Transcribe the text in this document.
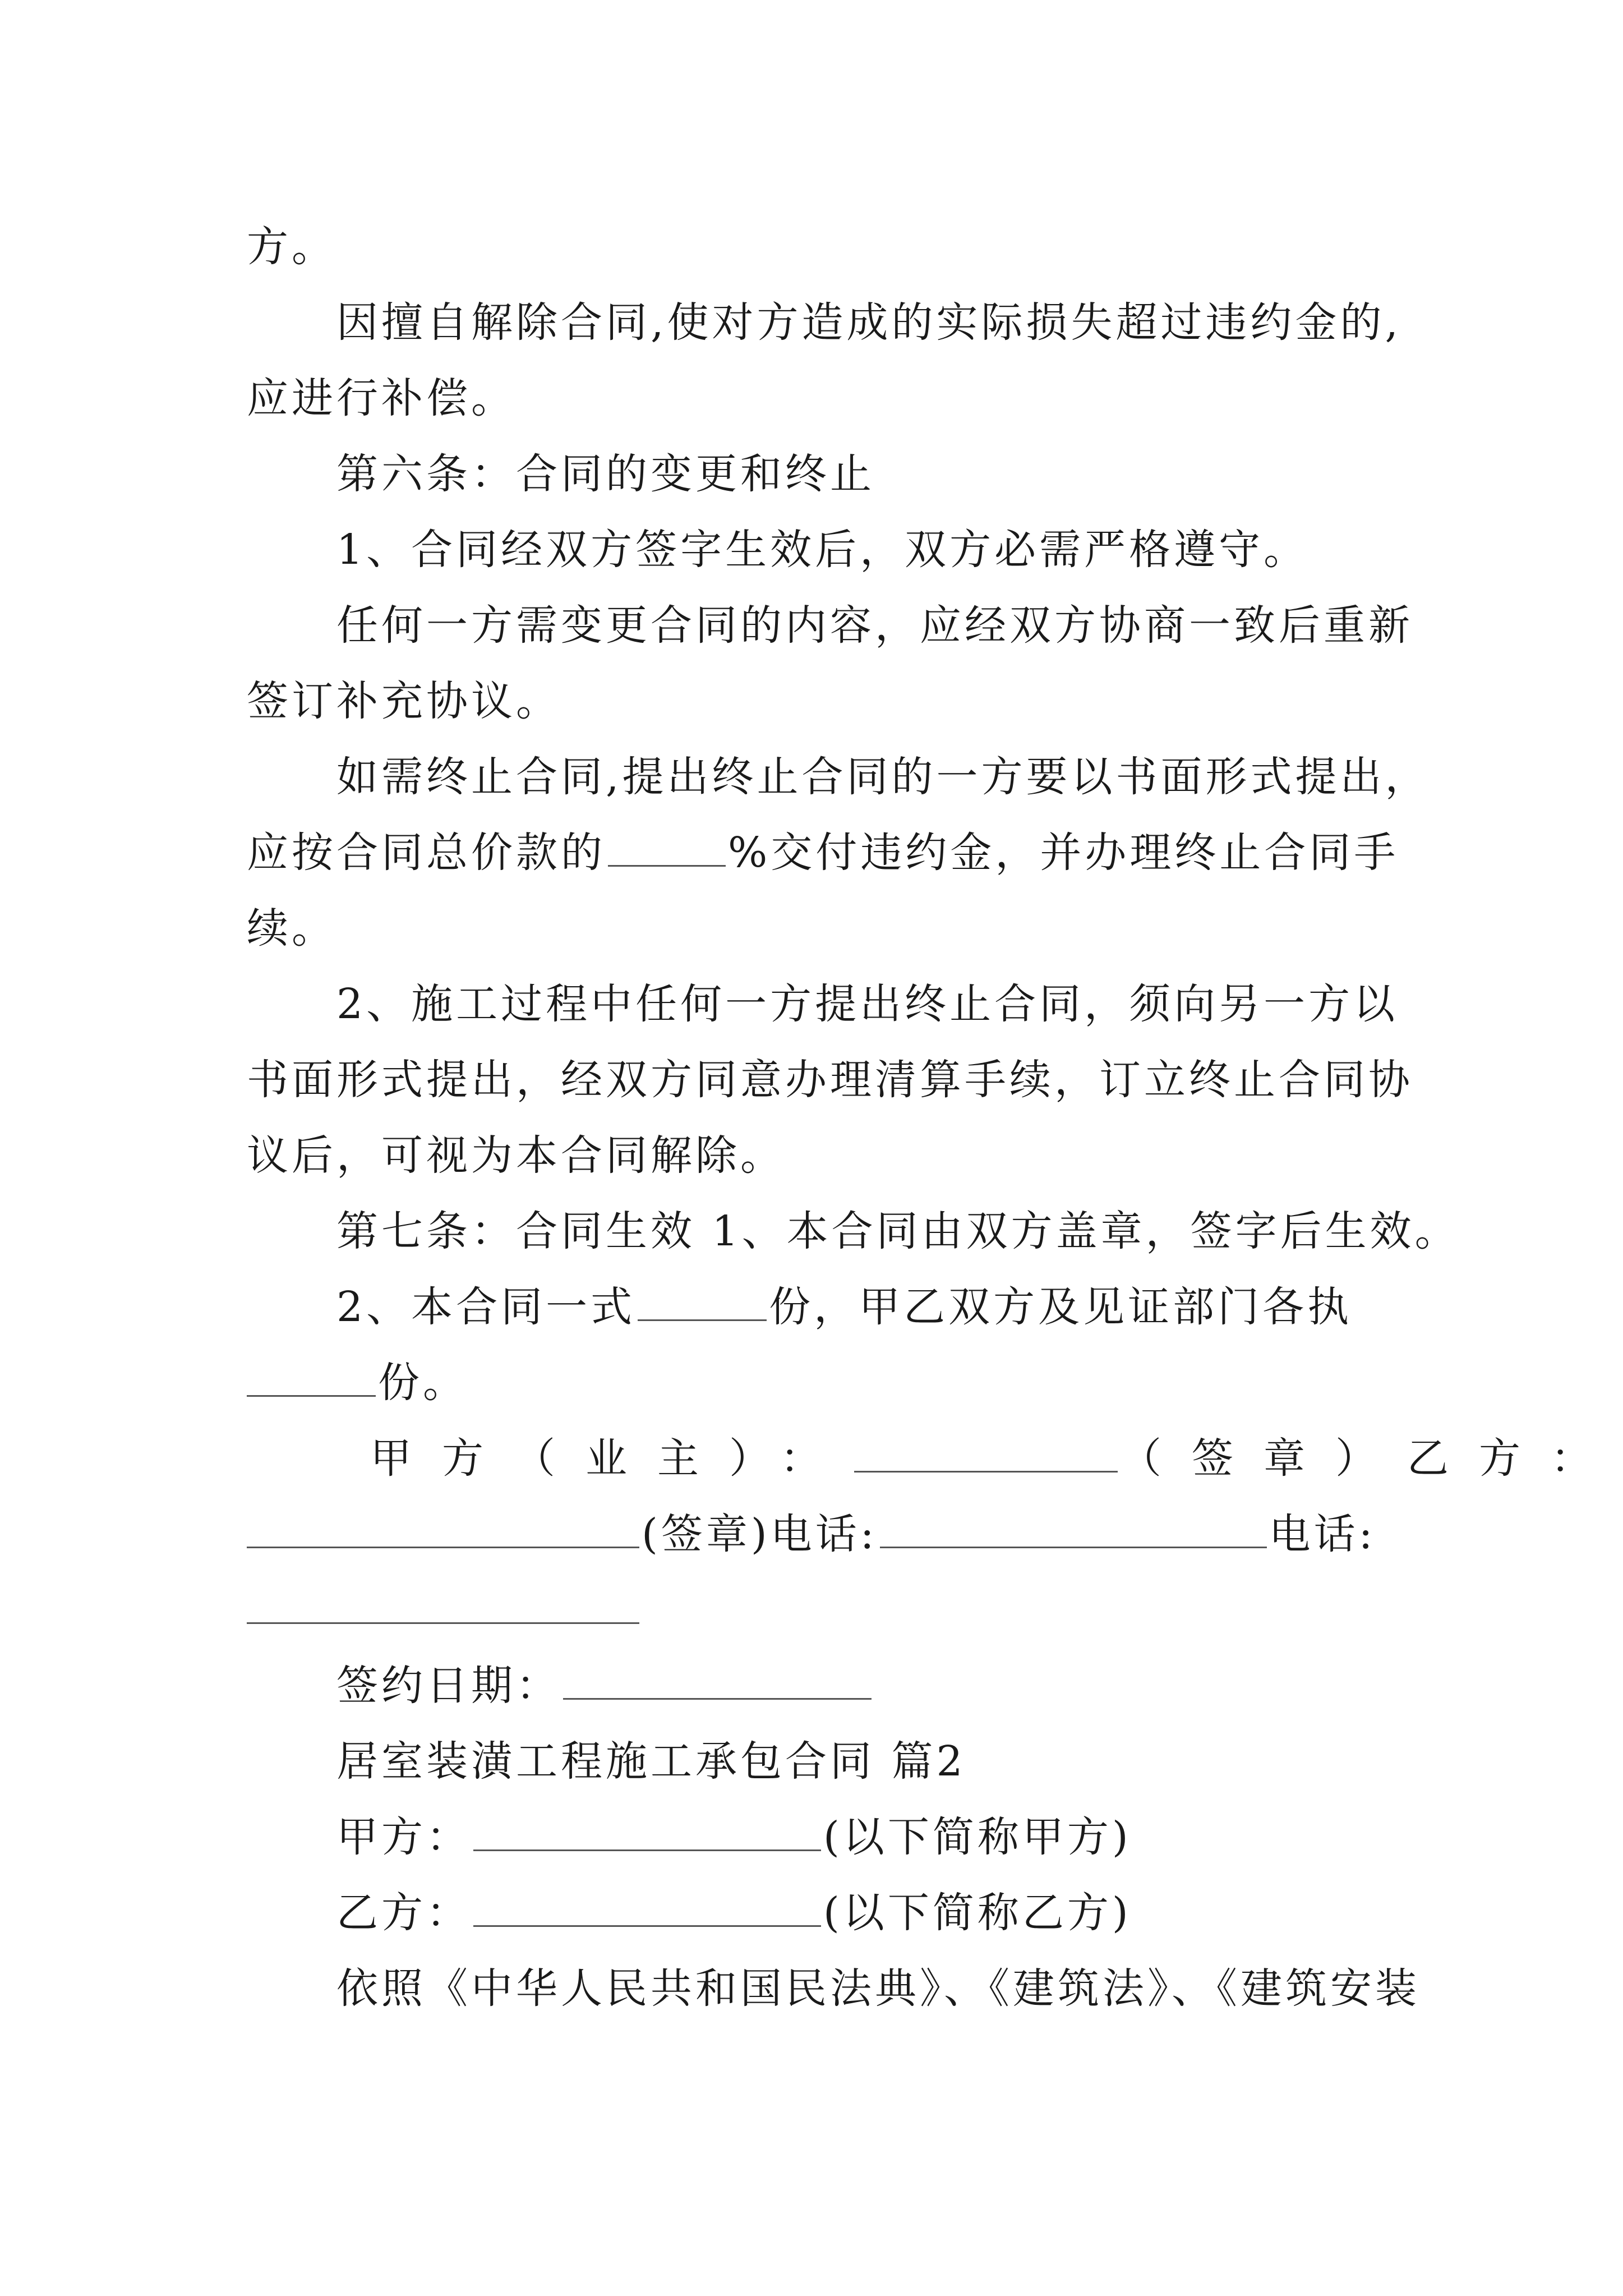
方。
因擅自解除合同,使对方造成的实际损失超过违约金的,
应进行补偿。
第六条：合同的变更和终止
1、合同经双方签字生效后，双方必需严格遵守。
任何一方需变更合同的内容，应经双方协商一致后重新
签订补充协议。
如需终止合同,提出终止合同的一方要以书面形式提出，
应按合同总价款的	%交付违约金，并办理终止合同手
续。
2、施工过程中任何一方提出终止合同，须向另一方以
书面形式提出，经双方同意办理清算手续，订立终止合同协
议后，可视为本合同解除。
第七条：合同生效 1、本合同由双方盖章，签字后生效。
2、本合同一式	份，甲乙双方及见证部门各执
份。
甲方（业主）：	（签章）乙方：
(签章)电话:	电话:
签约日期：
居室装潢工程施工承包合同 篇2
甲方：	(以下简称甲方)
乙方：	(以下简称乙方)
依照《中华人民共和国民法典》、《建筑法》、《建筑安装
